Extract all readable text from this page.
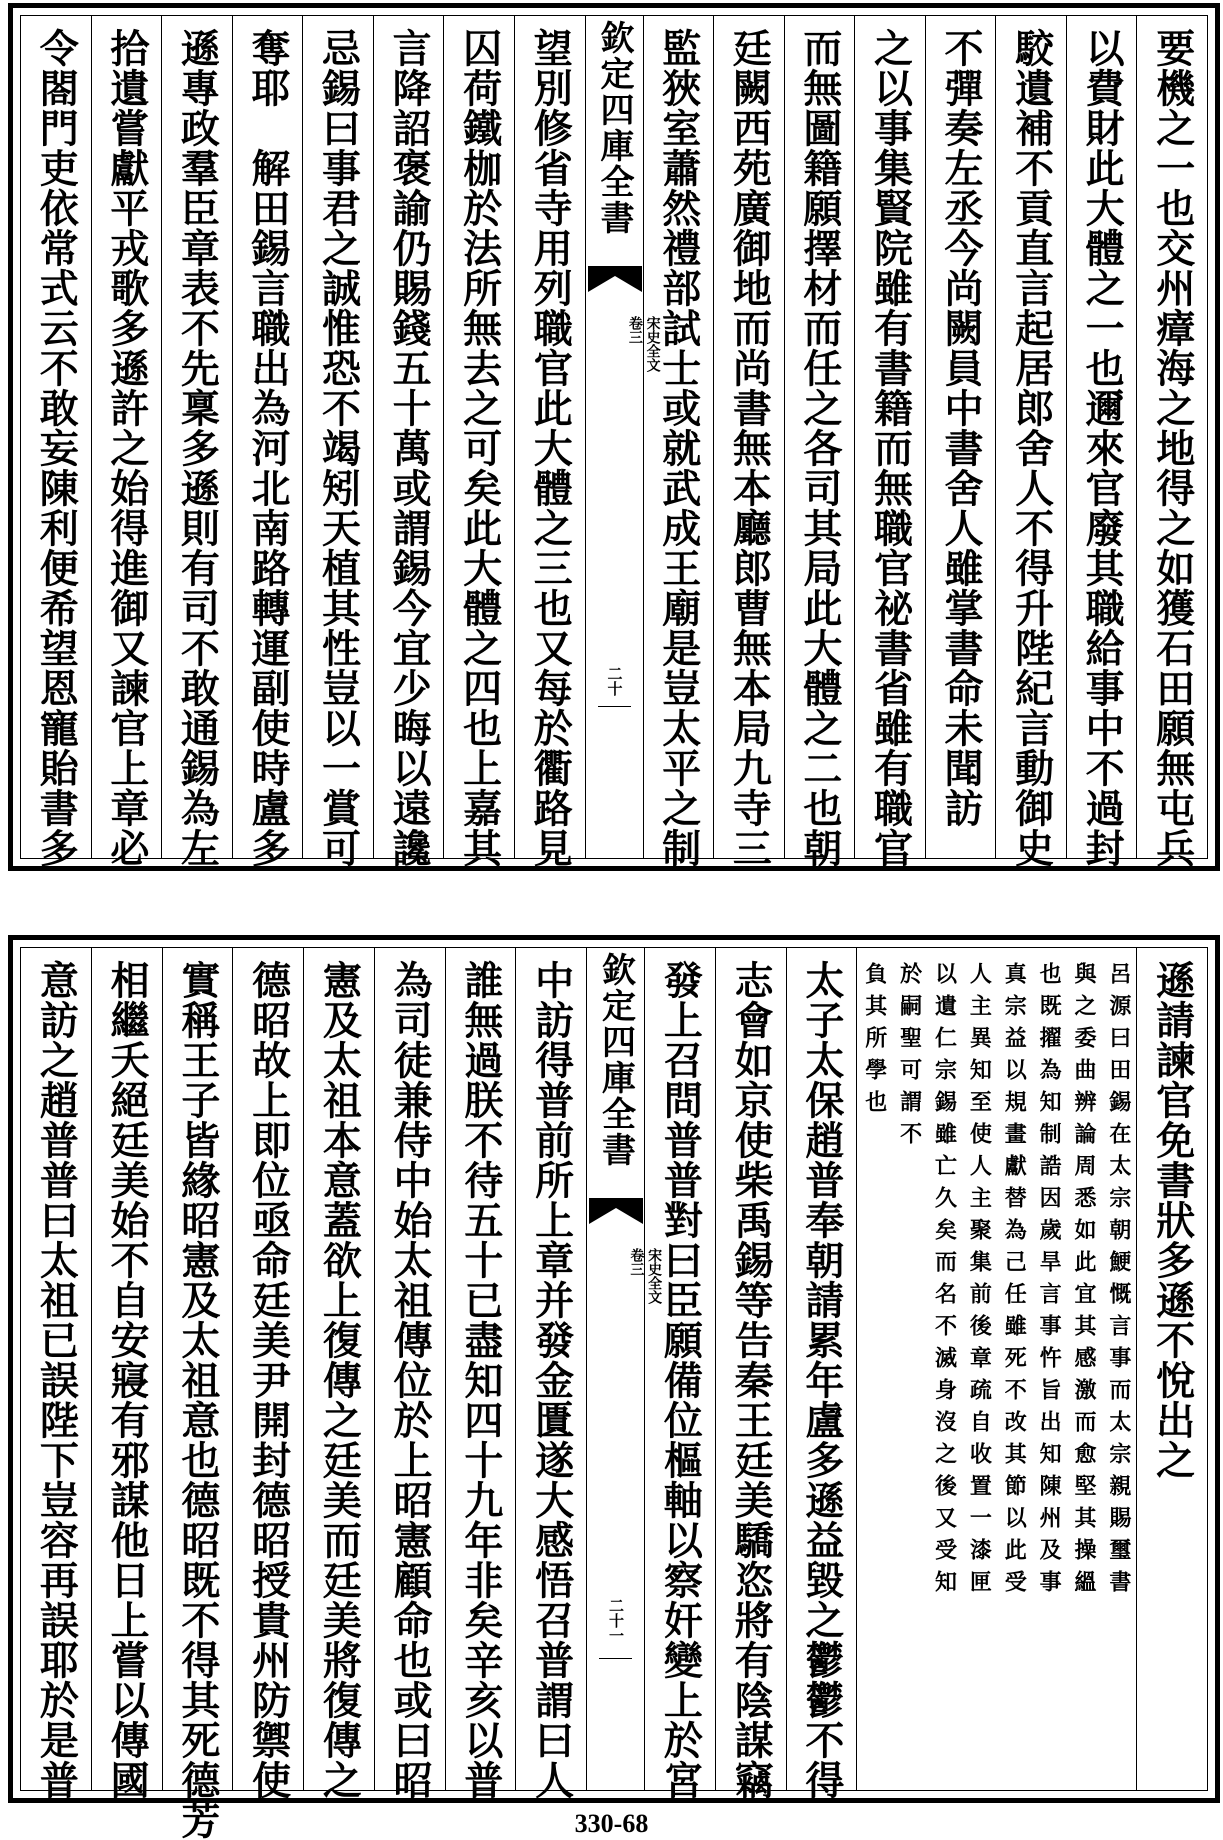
要機之一也交州瘴海之地得之如獲石田願無屯兵
以費財此大體之一也邇來官廢其職給事中不過封
駮遺補不貢直言起居郎舍人不得升陛紀言動御史
不彈奏左丞今尚闕員中書舍人雖掌書命未聞訪
之以事集賢院雖有書籍而無職官祕書省雖有職官
而無圖籍願擇材而任之各司其局此大體之二也朝
廷闕西苑廣御地而尚書無本廳郎曹無本局九寺三
監狹室蕭然禮部試士或就武成王廟是豈太平之制
欽定四庫全書
宋史全文
卷三
二十
望別修省寺用列職官此大體之三也又每於衢路見
囚荷鐵枷於法所無去之可矣此大體之四也上嘉其
言降詔褒諭仍賜錢五十萬或謂錫今宜少晦以遠讒
忌錫曰事君之誠惟恐不竭矧天植其性豈以一賞可
奪耶　解田錫言職出為河北南路轉運副使時盧多
遜專政羣臣章表不先稟多遜則有司不敢通錫為左
拾遺嘗獻平戎歌多遜許之始得進御又諫官上章必
令閤門吏依常式云不敢妄陳利便希望恩寵貽書多
遜請諫官免書狀多遜不悅出之
呂源曰田錫在太宗朝鯁慨言事而太宗親賜璽書
與之委曲辨論周悉如此宜其感激而愈堅其操縕
也既擢為知制誥因歲旱言事忤旨出知陳州及事
真宗益以規畫獻替為己任雖死不改其節以此受
人主異知至使人主聚集前後章疏自收置一漆匣
以遺仁宗錫雖亡久矣而名不滅身沒之後又受知
於嗣聖可謂不
負其所學也
太子太保趙普奉朝請累年盧多遜益毀之鬱鬱不得
志會如京使柴禹錫等告秦王廷美驕恣將有陰謀竊
發上召問普普對曰臣願備位樞軸以察奸變上於宮
欽定四庫全書
宋史全文
卷三
二十一
中訪得普前所上章并發金匱遂大感悟召普謂曰人
誰無過朕不待五十已盡知四十九年非矣辛亥以普
為司徒兼侍中始太祖傳位於上昭憲顧命也或曰昭
憲及太祖本意蓋欲上復傳之廷美而廷美將復傳之
德昭故上即位亟命廷美尹開封德昭授貴州防禦使
實稱王子皆緣昭憲及太祖意也德昭既不得其死德芳
相繼夭絕廷美始不自安寢有邪謀他日上嘗以傳國
意訪之趙普普曰太祖已誤陛下豈容再誤耶於是普
330-68
